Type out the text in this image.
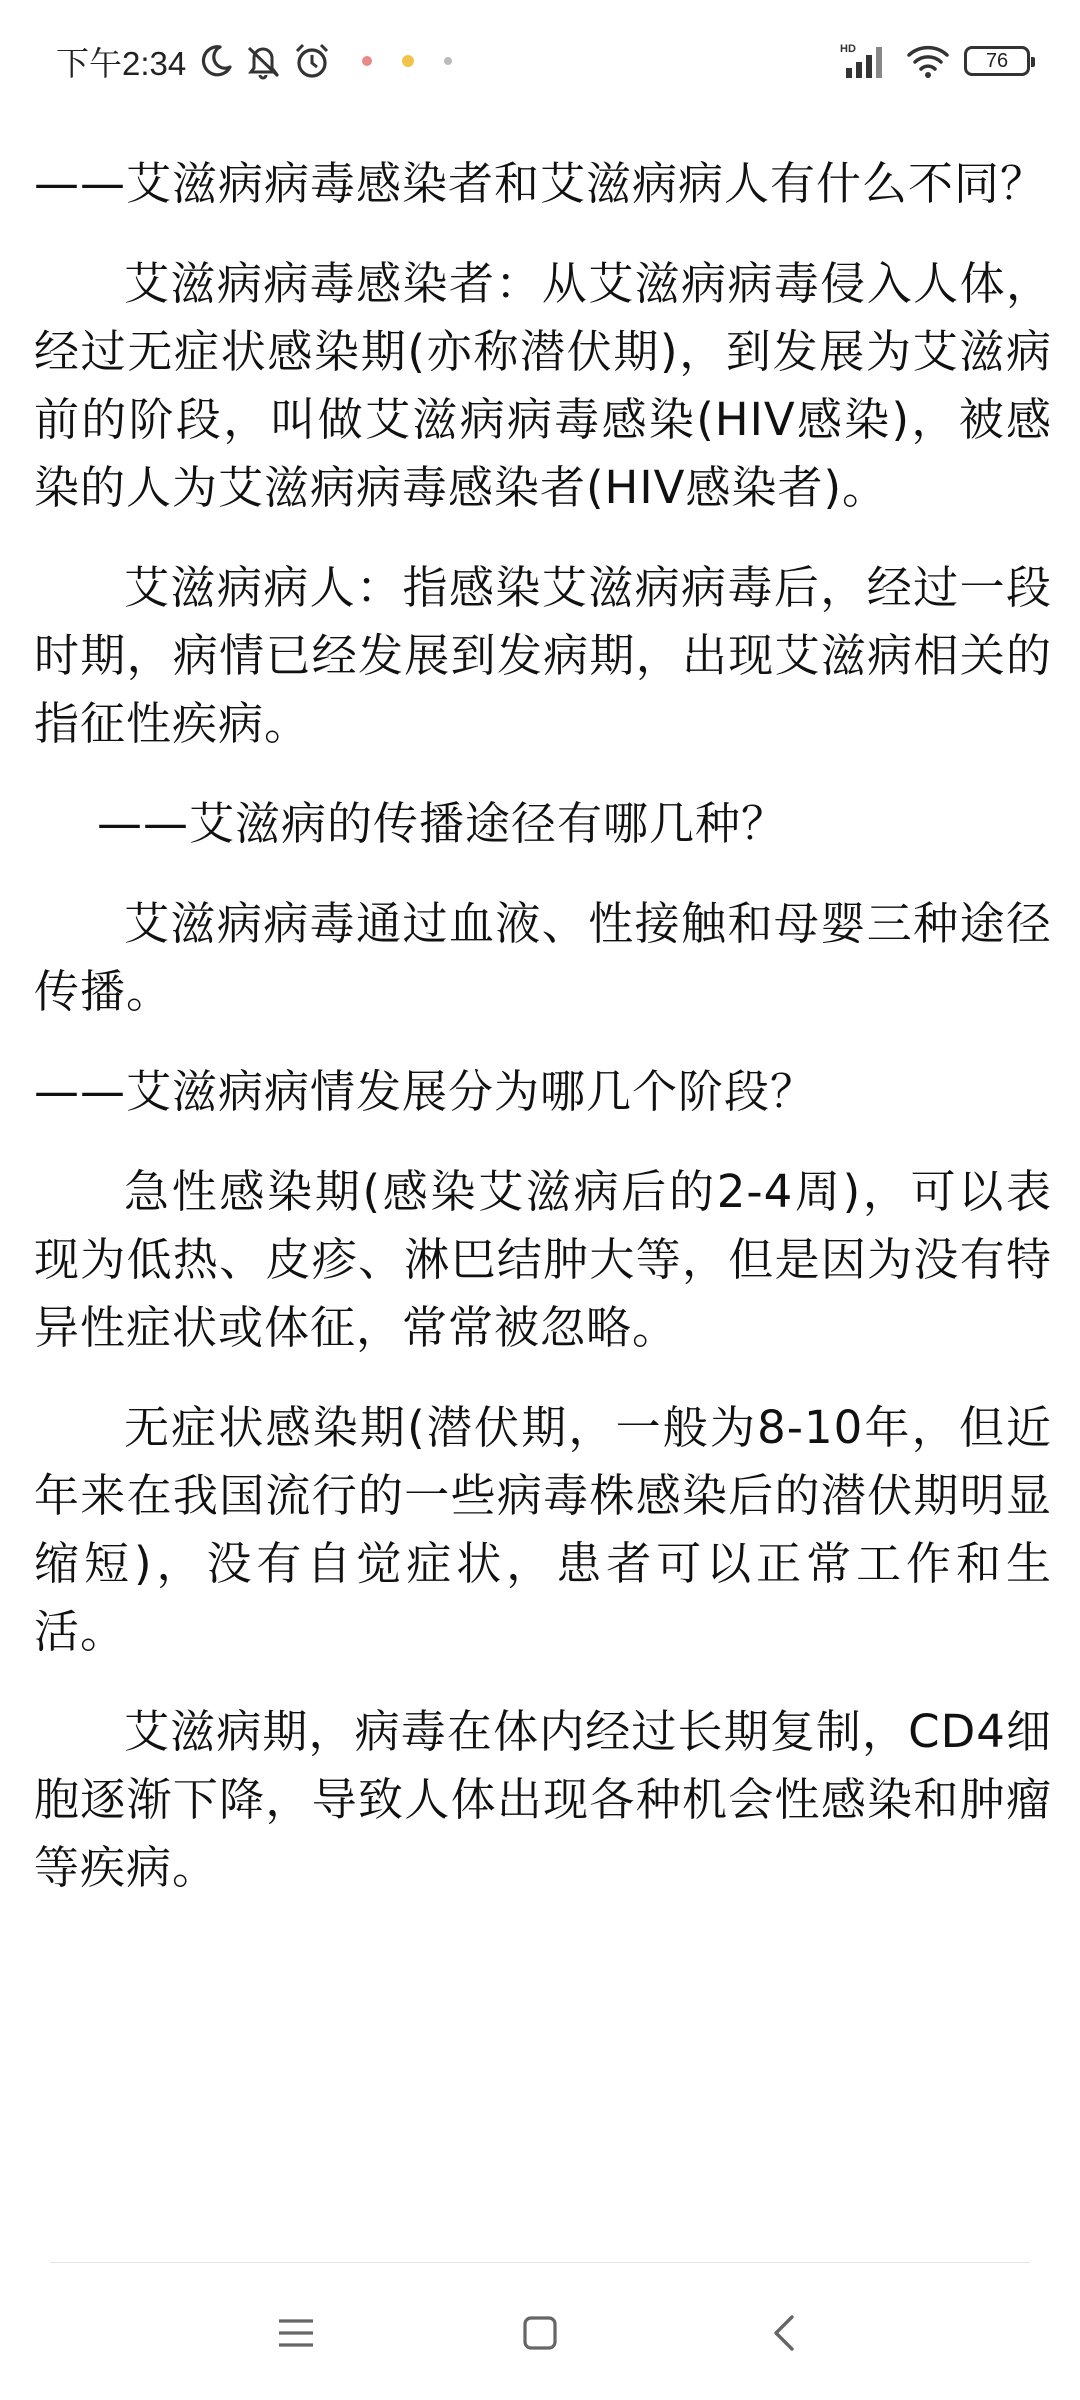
下午2:34	HD
76

——艾滋病病毒感染者和艾滋病病人有什么不同？

艾滋病病毒感染者：从艾滋病病毒侵入人体，经过无症状感染期(亦称潜伏期)，到发展为艾滋病前的阶段，叫做艾滋病病毒感染(HIV感染)，被感染的人为艾滋病病毒感染者(HIV感染者)。

艾滋病病人：指感染艾滋病病毒后，经过一段时期，病情已经发展到发病期，出现艾滋病相关的指征性疾病。

——艾滋病的传播途径有哪几种？

艾滋病病毒通过血液、性接触和母婴三种途径传播。

——艾滋病病情发展分为哪几个阶段？

急性感染期(感染艾滋病后的2-4周)，可以表现为低热、皮疹、淋巴结肿大等，但是因为没有特异性症状或体征，常常被忽略。

无症状感染期(潜伏期，一般为8-10年，但近年来在我国流行的一些病毒株感染后的潜伏期明显缩短)，没有自觉症状，患者可以正常工作和生活。

艾滋病期，病毒在体内经过长期复制，CD4细胞逐渐下降，导致人体出现各种机会性感染和肿瘤等疾病。
